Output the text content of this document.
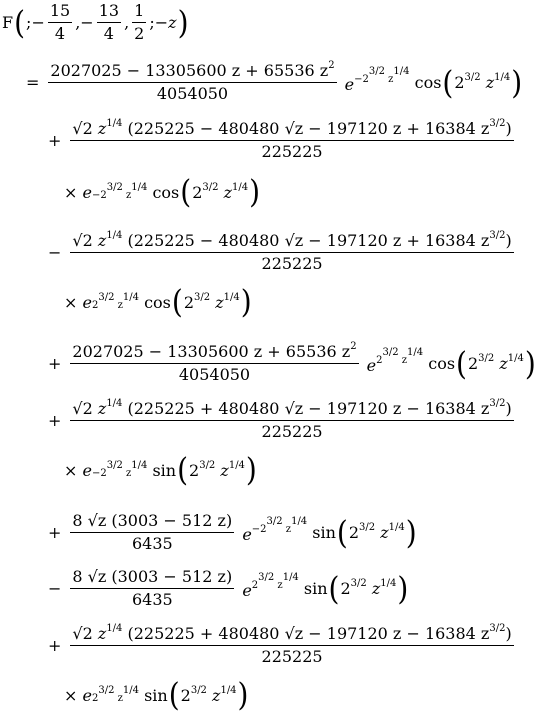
F ( ;− $\frac{15}{4}$ ,− $\frac{13}{4}$ , $\frac{1}{2}$ ; −z )
= $\frac{2027025 - 13305600 z + 65536 z^2}{4054050} e^{-2^{3/2} z^{1/4}}$
cos ( $2^{3/2}$ $z^{1/4}$ )
+ $\frac{√2 z^{1/4} (225225 - 480480 √z - 197120 z + 16384 z^{3/2})}{225225}$
×
$e -2^{3/2}$ $z^{1/4}$ cos ( $2^{3/2}$ $z^{1/4}$ )
− $\frac{√2 z^{1/4} (225225 - 480480 √z - 197120 z + 16384 z^{3/2})}{225225}$
×
e $2^{3/2}$ $z^{1/4}$ cos ( $2^{3/2}$ $z^{1/4}$ )
+ $\frac{2027025 - 13305600 z + 65536 z^2}{4054050} e^{2^{3/2} z^{1/4}}$
cos ( $2^{3/2}$ $z^{1/4}$ )
+ $\frac{√2 z^{1/4} (225225 + 480480 √z - 197120 z - 16384 z^{3/2})}{225225}$
×
$e -2^{3/2}$ $z^{1/4}$ sin ( $2^{3/2}$ $z^{1/4}$ )
+ $\frac{8 √z (3003 - 512 z)}{6435} e^{-2^{3/2} z^{1/4}}$
sin ( $2^{3/2}$ $z^{1/4}$ )
− $\frac{8 √z (3003 - 512 z)}{6435} e^{2^{3/2} z^{1/4}}$
sin ( $2^{3/2}$ $z^{1/4}$ )
+ $\frac{√2 z^{1/4} (225225 + 480480 √z - 197120 z - 16384 z^{3/2})}{225225}$
×
e $2^{3/2}$ $z^{1/4}$ sin ( $2^{3/2}$ $z^{1/4}$ )
